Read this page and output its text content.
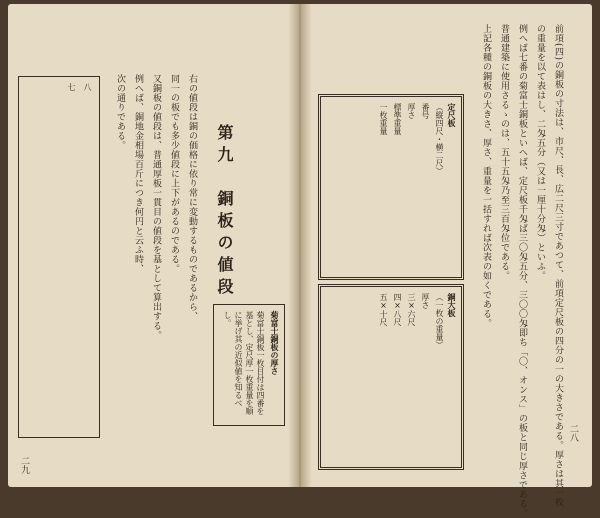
二九
第九　銅板の値段
右の値段は銅の価格に依り常に変動するものであるから、
同一の板でも多少値段に上下があるのである。
又銅板の値段は、普通厚板一貫目の値段を基として算出する。
例へば、銅地金相場百斤につき何円と云ふ時、
次の通りである。
菊富士銅板の厚さ
菊富士銅板一枚目付は四番を基とし、定尺厚一枚重量を順に挙げ其の近似値を知るべし。
八
七
二八
前項(四)の銅板の寸法は、市尺、長、広二尺三寸であつて、前項定尺板の四分の一の大きさである。厚さは其一枚
の重量を以て表はし、二匁五分（又は一厘十分匁）といふ。
例へば七番の菊富士銅板といへば、定尺板千匁ば三〇匁五分、三〇〇匁即ち「〇、オンス」の板と同じ厚さである。
普通建築に使用さるゝのは、五十五匁乃至三百匁位である。
上記各種の銅板の大きさ、厚さ、重量を一括すれば次表の如くである。
定尺板
（縦四尺・横二尺）
番号
厚さ
標準重量
一枚重量
銅大板
（一枚の重量）
厚さ
三×六尺
四×八尺
五×十尺
